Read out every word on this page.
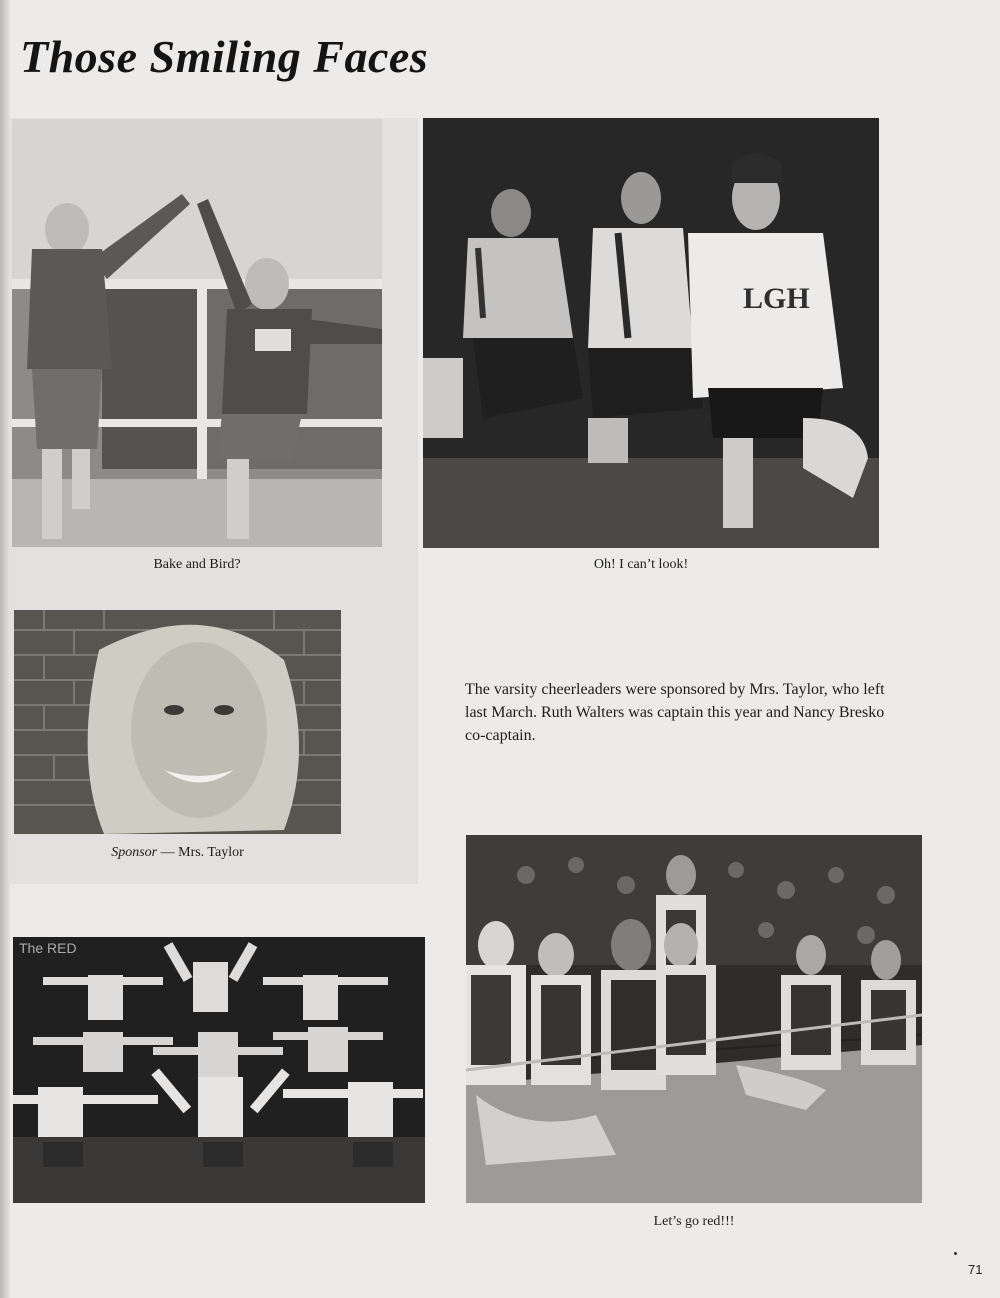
Those Smiling Faces
Bake and Bird?
LGH
Oh! I can’t look!
Sponsor — Mrs. Taylor

The varsity cheerleaders were sponsored by Mrs. Taylor, who left last March. Ruth Walters was captain this year and Nancy Bresko co-captain.

The RED
Let’s go red!!!
71
